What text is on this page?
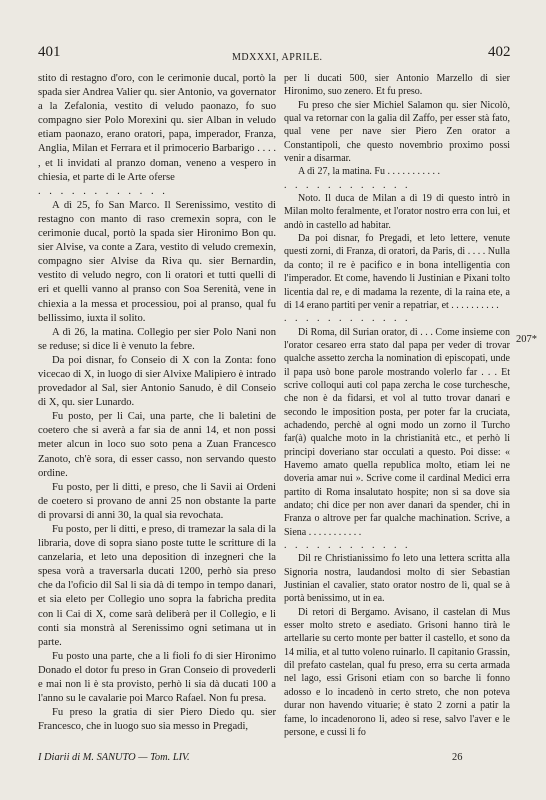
401	MDXXXI, APRILE.	402

stito di restagno d'oro, con le cerimonie ducal, portò la spada sier Andrea Valier qu. sier Antonio, va governator a la Zefalonia, vestito di veludo paonazo, fo suo compagno sier Polo Morexini qu. sier Alban in veludo etiam paonazo, erano oratori, papa, imperador, Franza, Anglia, Milan et Ferrara et il primocerio Barbarigo . . . . , et li invidati al pranzo doman, veneno a vespero in chiesia, et parte di le Arte oferse

. . . . . . . . . . . .

A dì 25, fo San Marco. Il Serenissimo, vestito di restagno con manto di raso cremexin sopra, con le cerimonie ducal, portò la spada sier Hironimo Bon qu. sier Alvise, va conte a Zara, vestito di veludo cremexin, compagno sier Alvise da Riva qu. sier Bernardin, vestito di veludo negro, con li oratori et tutti quelli di eri et quelli vanno al pranso con Soa Serenità, vene in chiexia a la messa et processiou, poi al pranso, qual fu bellissimo, iuxta il solito.

A dì 26, la matina. Collegio per sier Polo Nani non se reduse; si dice li è venuto la febre.

Da poi disnar, fo Conseio di X con la Zonta: fono vicecao di X, in luogo di sier Alvixe Malipiero è intrado provedador al Sal, sier Antonio Sanudo, è dil Conseio di X, qu. sier Lunardo.

Fu posto, per li Cai, una parte, che li baletini de coetero che si averà a far sia de anni 14, et non possi meter alcun in loco suo soto pena a Zuan Francesco Zanoto, ch'è sora, di esser casso, non servando questo ordine.

Fu posto, per li ditti, e preso, che li Savii ai Ordeni de coetero si provano de anni 25 non obstante la parte di provarsi di anni 30, la qual sia revochata.

Fu posto, per li ditti, e preso, di tramezar la sala di la libraria, dove di sopra siano poste tutte le scritture di la canzelaria, et leto una deposition di inzegneri che la spesa vorà a traversarla ducati 1200, perhò sia preso che da l'oficio dil Sal li sia dà di tempo in tempo danari, et sia eleto per Collegio uno sopra la fabricha predita con li Cai di X, come sarà deliberà per il Collegio, e li conti sia monstrà al Serenissimo ogni setimana ut in parte.

Fu posto una parte, che a li fioli fo di sier Hironimo Donado el dotor fu preso in Gran Conseio di provederli e mai non li è sta provisto, perhò li sia dà ducati 100 a l'anno su le cavalarie poi Marco Rafael. Non fu presa.

Fu preso la gratia di sier Piero Diedo qu. sier Francesco, che in luogo suo sia messo in Pregadi,

per li ducati 500, sier Antonio Marzello di sier Hironimo, suo zenero. Et fu preso.

Fu preso che sier Michiel Salamon qu. sier Nicolò, qual va retornar con la galia dil Zaffo, per esser stà fato, qual vene per nave sier Piero Zen orator a Constantipoli, che questo novembrio proximo possi venir a disarmar.

A dì 27, la matina. Fu . . . . . . . . . . .

. . . . . . . . . . . .

Noto. Il duca de Milan a dì 19 di questo intrò in Milan molto feralmente, et l'orator nostro erra con lui, et andò in castello ad habitar.

Da poi disnar, fo Pregadi, et leto lettere, venute questi zorni, di Franza, di oratori, da Paris, di . . . . Nulla da conto; il re è pacifico e in bona intelligentia con l'imperador. Et come, havendo li Justinian e Pixani tolto licentia dal re, e di madama la rezente, di la raina ete, a di 14 erano partiti per venir a repatriar, et . . . . . . . . . .

. . . . . . . . . . . .

Di Roma, dil Surian orator, di . . . Come insieme con l'orator cesareo erra stato dal papa per veder di trovar qualche assetto zercha la nomination di episcopati, unde il papa usò bone parole mostrando volerlo far . . . Et scrive colloqui auti col papa zercha le cose turchesche, che non è da fidarsi, et vol al tutto trovar danari e secondo le imposition posta, per poter far la cruciata, achadendo, perchè al ogni modo un zorno il Turcho far(à) qualche moto in la christianità etc., et perhò li principi doveriano star occulati a questo. Poi disse: « Havemo amato quella republica molto, etiam lei ne doveria amar nui ». Scrive come il cardinal Medici erra partito di Roma insalutato hospite; non si sa dove sia andato; chi dice per non aver danari da spender, chi in Franza o altrove per far qualche machination. Scrive, a Siena . . . . . . . . . . .

. . . . . . . . . . . .

Dil re Christianissimo fo leto una lettera scritta alla Signoria nostra, laudandosi molto di sier Sebastian Justinian el cavalier, stato orator nostro de lì, qual se à portà benissimo, ut in ea.

Di retori di Bergamo. Avisano, il castelan di Mus esser molto streto e asediato. Grisoni hanno tirà le artellarie su certo monte per batter il castello, et sono da 14 milia, et al tutto voleno ruinarlo. Il capitanio Grassin, dil prefato castelan, qual fu preso, erra su certa armada nel lago, essi Grisoni etiam con so barche li fonno adosso e lo incadenò in certo streto, che non poteva durar non havendo vituarie; è stato 2 zorni a patir la fame, lo incadenorono li, adeo si rese, salvo l'aver e le persone, e cussi li fo

207*
I Diarii di M. SANUTO — Tom. LIV.	26
